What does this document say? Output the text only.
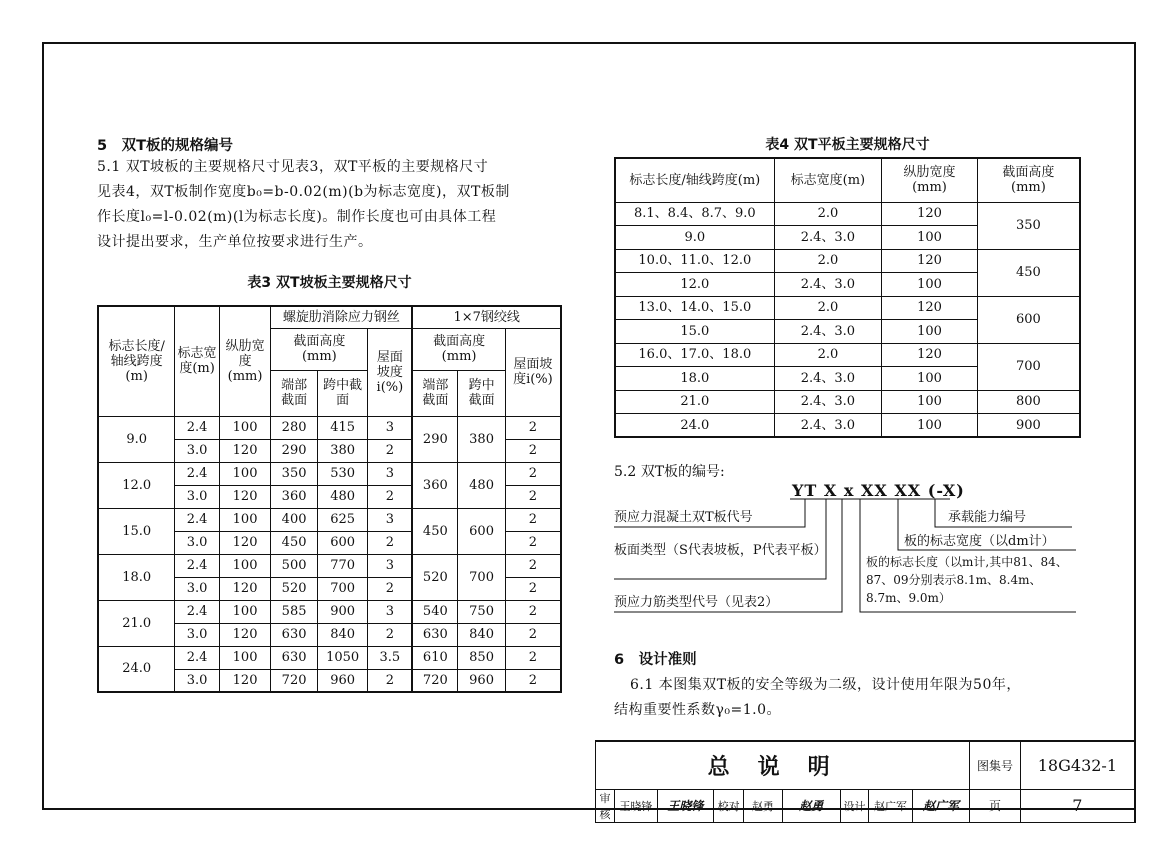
5　双T板的规格编号
5.1 双T坡板的主要规格尺寸见表3，双T平板的主要规格尺寸
见表4，双T板制作宽度b₀=b-0.02(m)(b为标志宽度)，双T板制
作长度l₀=l-0.02(m)(l为标志长度)。制作长度也可由具体工程
设计提出要求，生产单位按要求进行生产。
表3 双T坡板主要规格尺寸
标志长度/轴线跨度(m)	标志宽度(m)	纵肋宽度(mm)	螺旋肋消除应力钢丝			1×7钢绞线		
			截面高度(mm)		屋面坡度i(%)	截面高度(mm)		屋面坡度i(%)
			端部截面	跨中截面		端部截面	跨中截面	
9.0	2.4	100	280	415	3	290	380	2
	3.0	120	290	380	2			2
12.0	2.4	100	350	530	3	360	480	2
	3.0	120	360	480	2			2
15.0	2.4	100	400	625	3	450	600	2
	3.0	120	450	600	2			2
18.0	2.4	100	500	770	3	520	700	2
	3.0	120	520	700	2			2
21.0	2.4	100	585	900	3	540	750	2
	3.0	120	630	840	2	630	840	2
24.0	2.4	100	630	1050	3.5	610	850	2
	3.0	120	720	960	2	720	960	2
表4 双T平板主要规格尺寸
标志长度/轴线跨度(m)	标志宽度(m)	纵肋宽度(mm)	截面高度(mm)
8.1、8.4、8.7、9.0	2.0	120	350
9.0	2.4、3.0	100	
10.0、11.0、12.0	2.0	120	450
12.0	2.4、3.0	100	
13.0、14.0、15.0	2.0	120	600
15.0	2.4、3.0	100	
16.0、17.0、18.0	2.0	120	700
18.0	2.4、3.0	100	
21.0	2.4、3.0	100	800
24.0	2.4、3.0	100	900
5.2 双T板的编号:
YT X x XX XX (-X)
预应力混凝土双T板代号
板面类型（S代表坡板，P代表平板）
预应力筋类型代号（见表2）
承载能力编号
板的标志宽度（以dm计）
板的标志长度（以m计,其中81、84、87、09分别表示8.1m、8.4m、8.7m、9.0m）
6　设计准则
6.1 本图集双T板的安全等级为二级，设计使用年限为50年，
结构重要性系数γ₀=1.0。
总说明									图集号	18G432-1
审核	王晓锋	王晓锋	校对	赵勇	赵勇	设计	赵广军	赵广军	页	7
